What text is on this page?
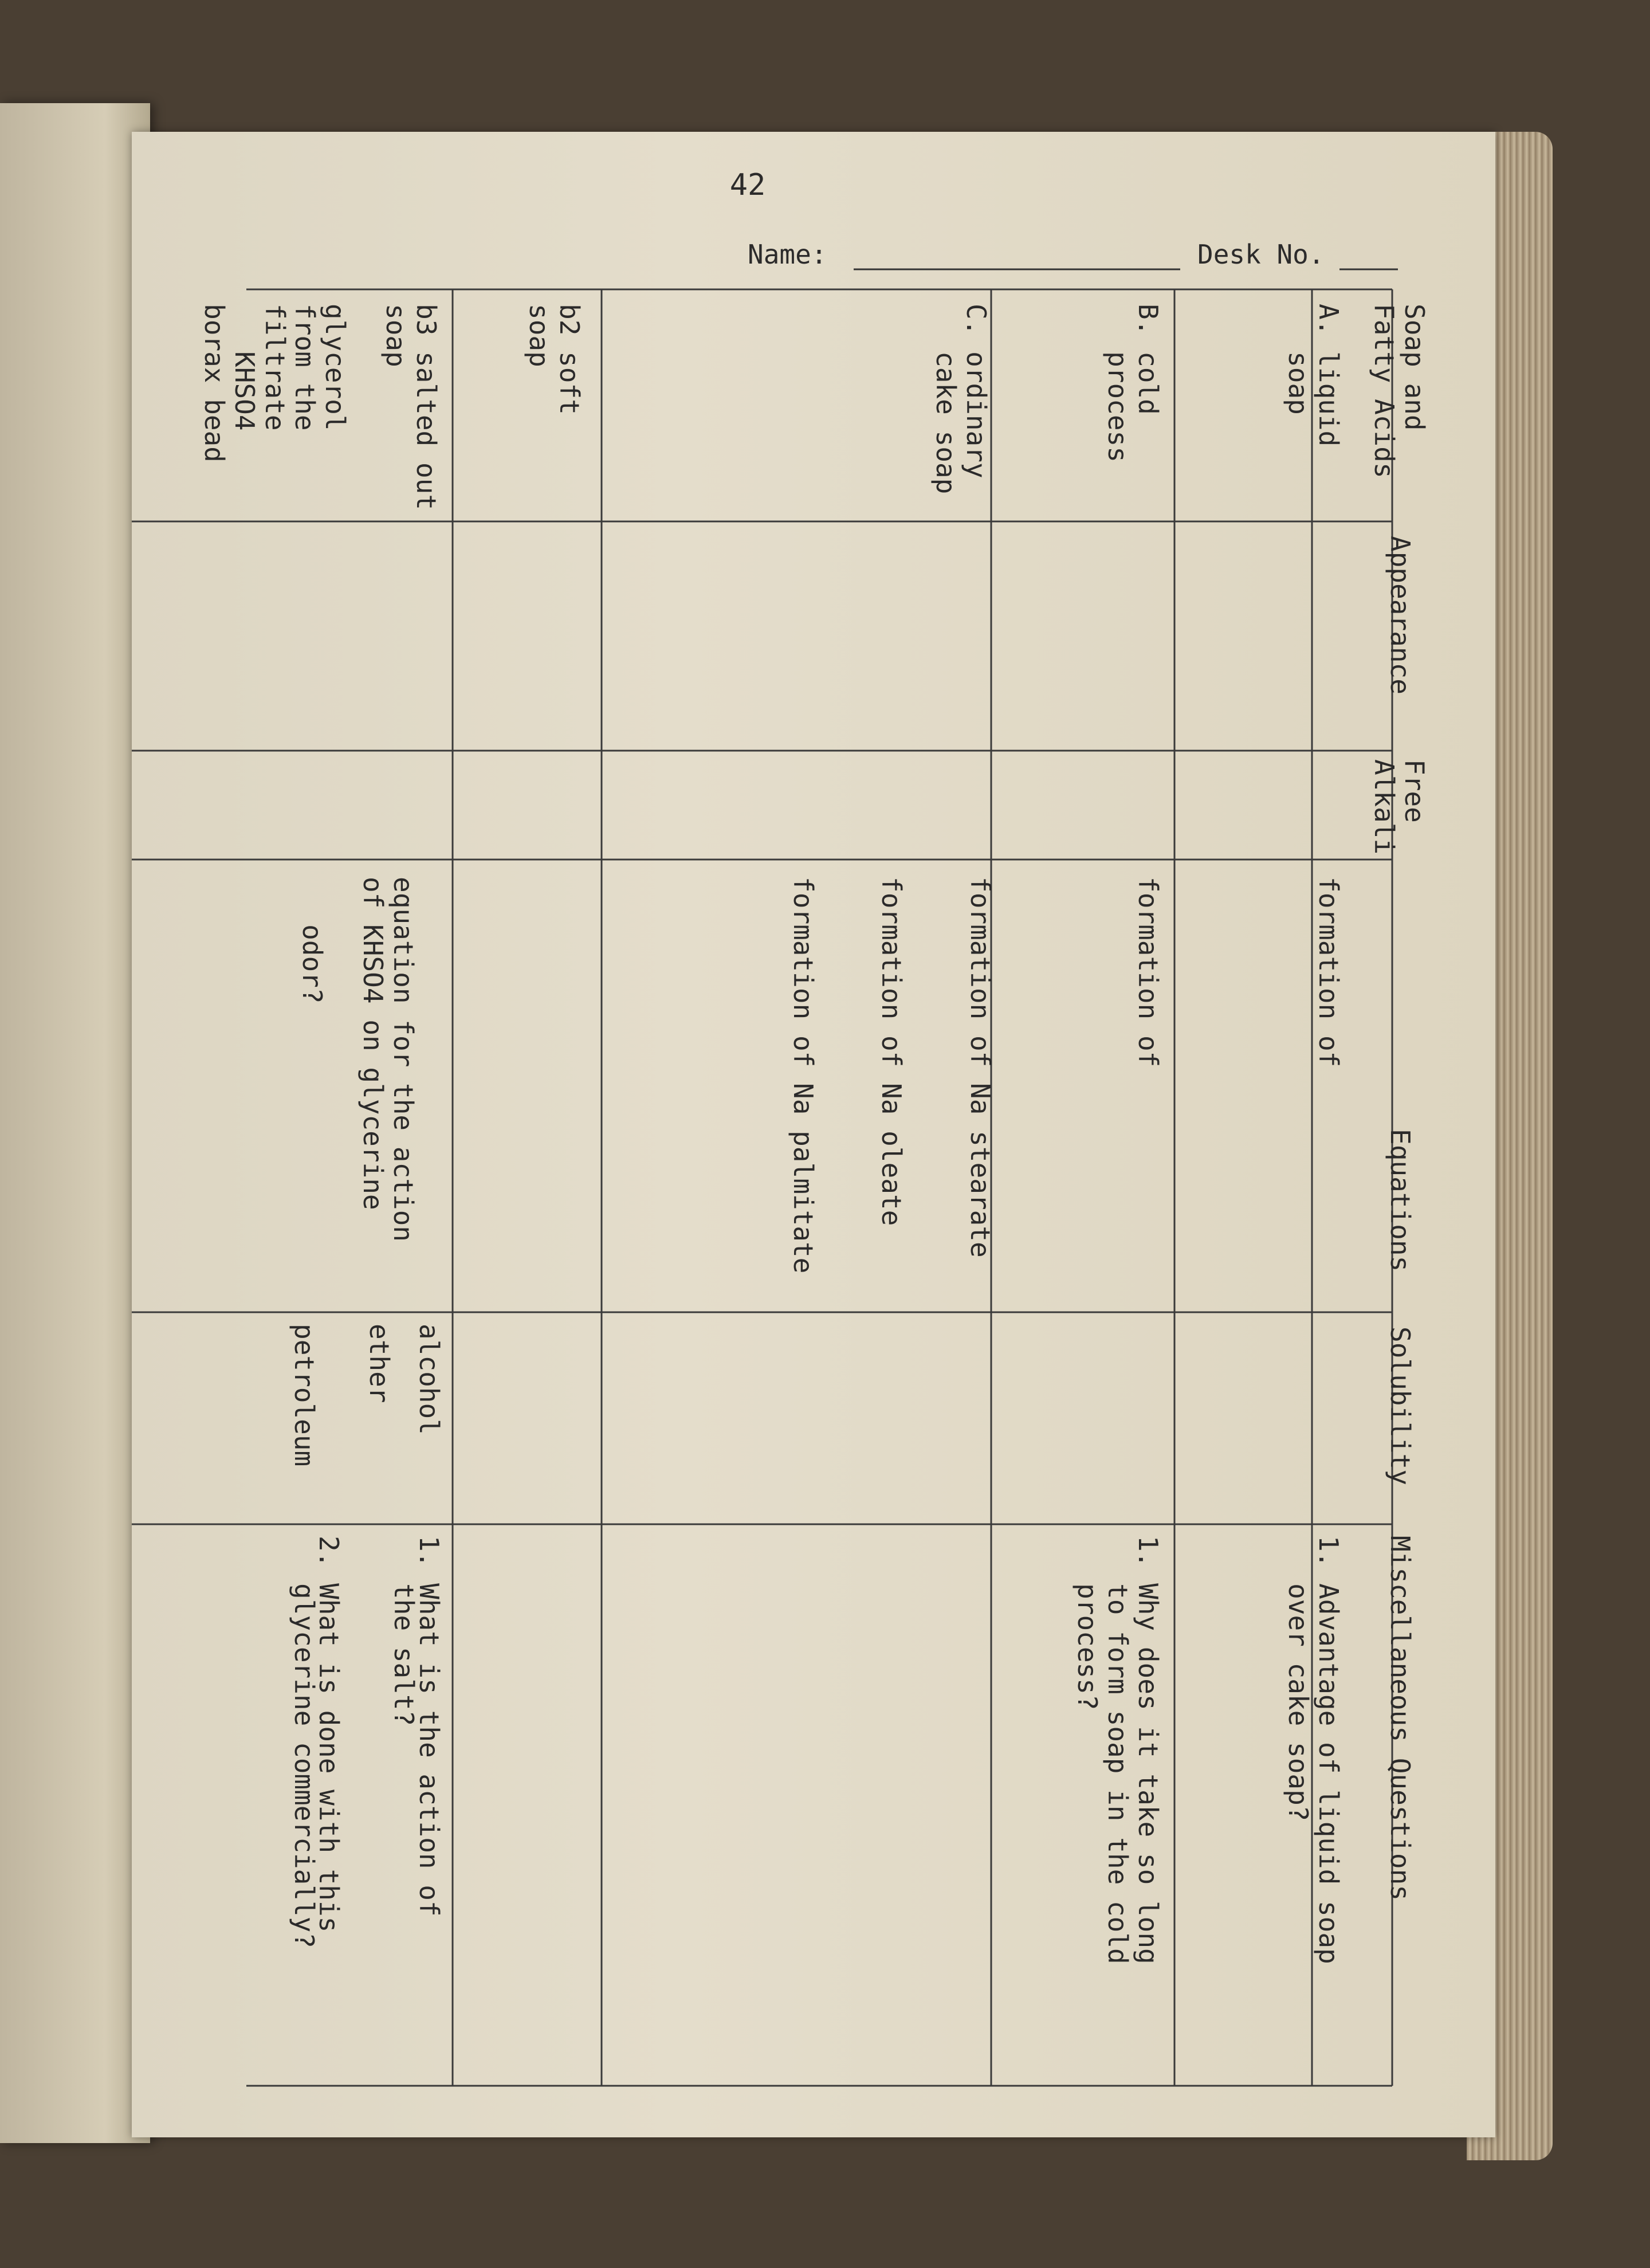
42
Name:	Desk No.
Soap and
Fatty Acids
Appearance
Free
Alkali
Equations
Solubility
Miscellaneous Questions
A. liquid
soap
formation of
1. Advantage of liquid soap
over cake soap?
B. cold
process
formation of
1. Why does it take so long
to form soap in the cold
process?
C. ordinary
cake soap
formation of Na stearate

formation of Na oleate

formation of Na palmitate
b2 soft
soap
b3 salted out
soap

glycerol
from the
filtrate
KHSO4
borax bead
equation for the action
of KHSO4 on glycerine

odor?
alcohol

ether

petroleum
1. What is the action of
the salt?

2. What is done with this
glycerine commercially?
